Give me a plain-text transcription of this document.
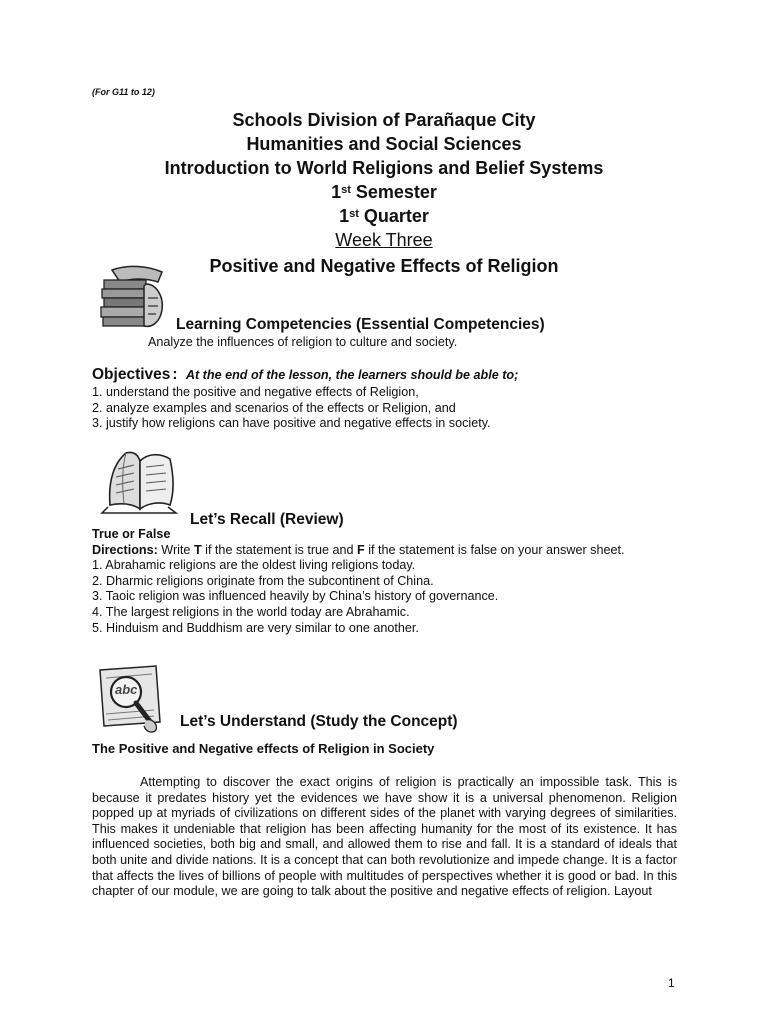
(For G11 to 12)
Schools Division of Parañaque City
Humanities and Social Sciences
Introduction to World Religions and Belief Systems
1st Semester
1st Quarter
Week Three
Positive and Negative Effects of Religion
Learning Competencies (Essential Competencies)
Analyze the influences of religion to culture and society.
Objectives : At the end of the lesson, the learners should be able to;
1. understand the positive and negative effects of Religion,
2. analyze examples and scenarios of the effects or Religion, and
3. justify how religions can have positive and negative effects in society.
Let’s Recall (Review)
True or False
Directions: Write T if the statement is true and F if the statement is false on your answer sheet.
1. Abrahamic religions are the oldest living religions today.
2. Dharmic religions originate from the subcontinent of China.
3. Taoic religion was influenced heavily by China’s history of governance.
4. The largest religions in the world today are Abrahamic.
5. Hinduism and Buddhism are very similar to one another.
abc
Let’s Understand (Study the Concept)
The Positive and Negative effects of Religion in Society
Attempting to discover the exact origins of religion is practically an impossible task. This is because it predates history yet the evidences we have show it is a universal phenomenon. Religion popped up at myriads of civilizations on different sides of the planet with varying degrees of similarities. This makes it undeniable that religion has been affecting humanity for the most of its existence. It has influenced societies, both big and small, and allowed them to rise and fall. It is a standard of ideals that both unite and divide nations. It is a concept that can both revolutionize and impede change. It is a factor that affects the lives of billions of people with multitudes of perspectives whether it is good or bad. In this chapter of our module, we are going to talk about the positive and negative effects of religion. Layout
1
